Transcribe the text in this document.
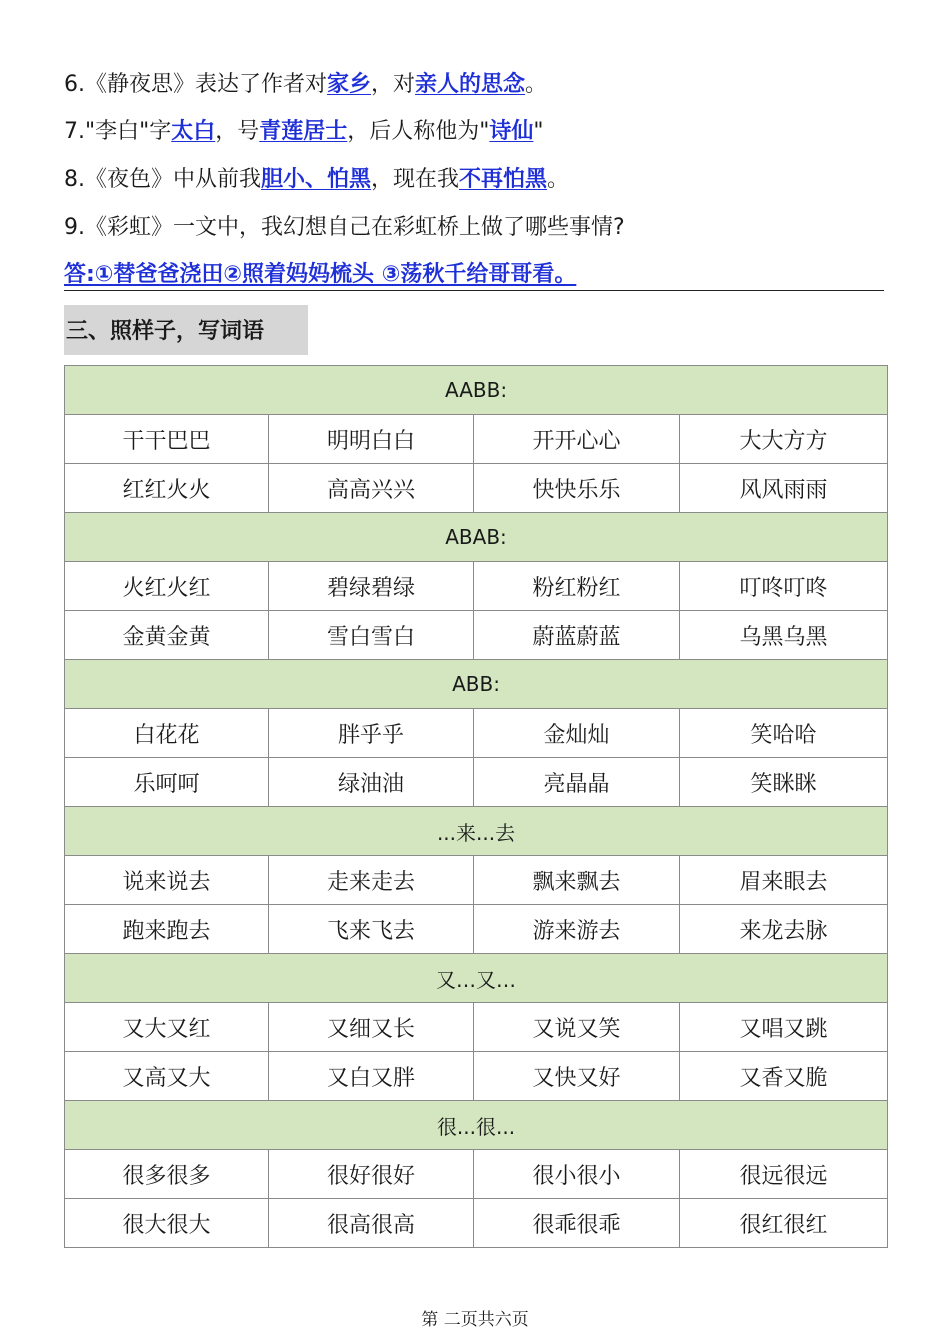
6.《静夜思》表达了作者对家乡，对亲人的思念。
7."李白"字太白，号青莲居士，后人称他为"诗仙"
8.《夜色》中从前我胆小、怕黑，现在我不再怕黑。
9.《彩虹》一文中，我幻想自己在彩虹桥上做了哪些事情?
答:①替爸爸浇田②照着妈妈梳头 ③荡秋千给哥哥看。
三、照样子，写词语
AABB:			
干干巴巴	明明白白	开开心心	大大方方
红红火火	高高兴兴	快快乐乐	风风雨雨
ABAB:			
火红火红	碧绿碧绿	粉红粉红	叮咚叮咚
金黄金黄	雪白雪白	蔚蓝蔚蓝	乌黑乌黑
ABB:			
白花花	胖乎乎	金灿灿	笑哈哈
乐呵呵	绿油油	亮晶晶	笑眯眯
...来...去			
说来说去	走来走去	飘来飘去	眉来眼去
跑来跑去	飞来飞去	游来游去	来龙去脉
又…又…			
又大又红	又细又长	又说又笑	又唱又跳
又高又大	又白又胖	又快又好	又香又脆
很...很...			
很多很多	很好很好	很小很小	很远很远
很大很大	很高很高	很乖很乖	很红很红
第 二页共六页
